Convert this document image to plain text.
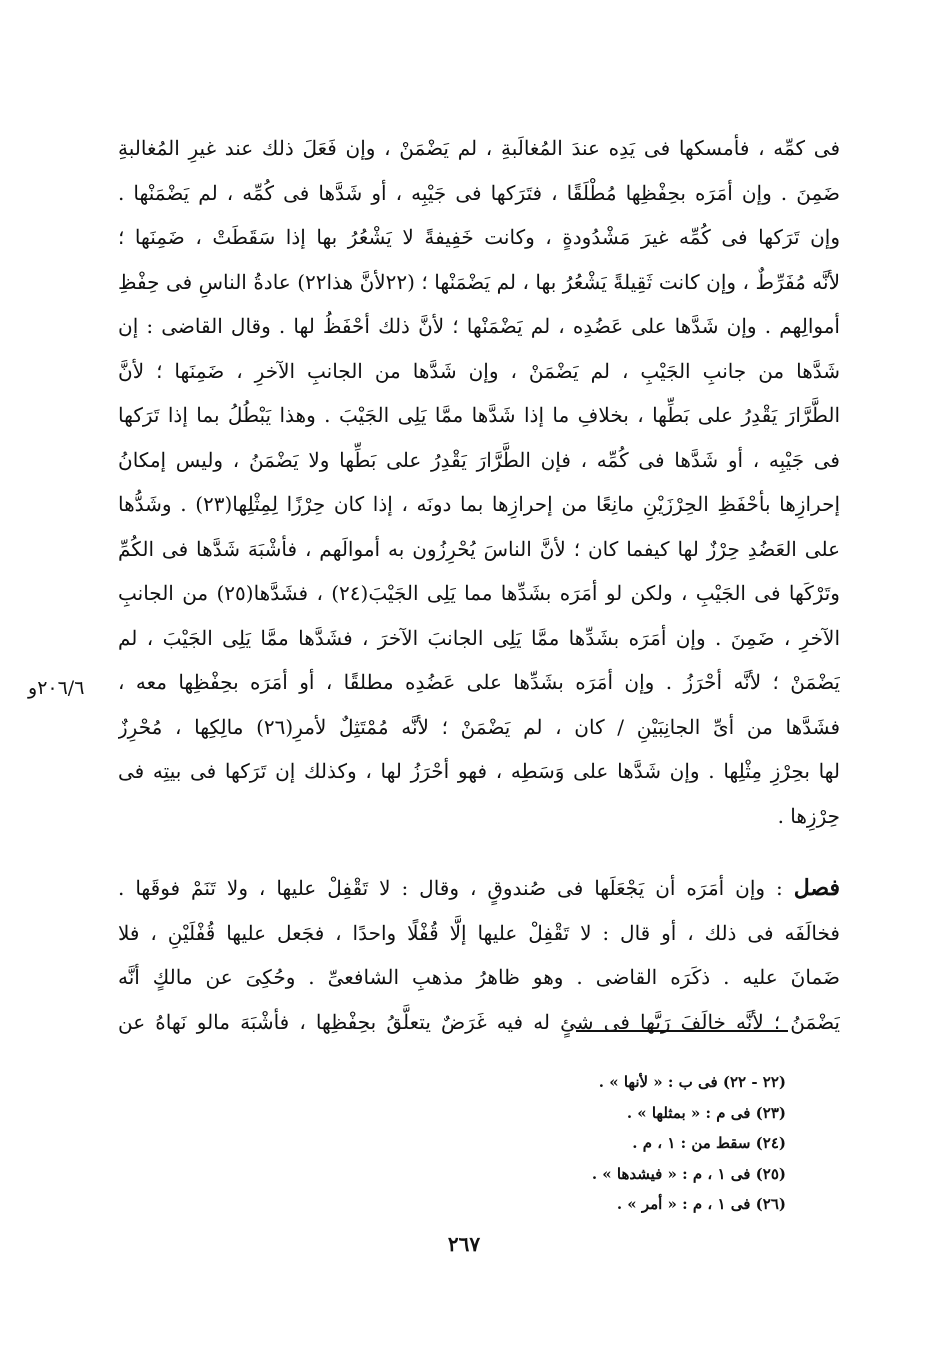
فى كمِّه ، فأمسكها فى يَدِه عندَ المُغالَبةِ ، لم يَضْمَنْ ، وإن فَعَلَ ذلك عند غيرِ المُغالبةِ
ضَمِنَ . وإن أمَرَه بحِفْظِها مُطْلَقًا ، فتَرَكها فى جَيْبِه ، أو شَدَّها فى كُمِّه ، لم يَضْمَنْها .
وإن تَرَكها فى كُمِّه غيرَ مَشْدُودةٍ ، وكانت خَفِيفةً لا يَشْعُرُ بها إذا سَقَطَتْ ، ضَمِنَها ؛
لأنَّه مُفَرِّطٌ ، وإن كانت ثَقِيلةً يَشْعُرُ بها ، لم يَضْمَنْها ؛ (٢٢لأنَّ هذا٢٢) عادةُ الناسِ فى حِفْظِ
أموالِهم . وإن شَدَّها على عَضُدِه ، لم يَضْمَنْها ؛ لأنَّ ذلك أحْفَظُ لها . وقال القاضى : إن
شَدَّها من جانبِ الجَيْبِ ، لم يَضْمَنْ ، وإن شَدَّها من الجانبِ الآخرِ ، ضَمِنَها ؛ لأنَّ
الطَّرَّارَ يَقْدِرُ على بَطِّها ، بخلافِ ما إذا شَدَّها ممَّا يَلِى الجَيْبَ . وهذا يَبْطُلُ بما إذا تَرَكها
فى جَيْبِه ، أو شَدَّها فى كُمِّه ، فإن الطَّرَّارَ يَقْدِرُ على بَطِّها ولا يَضْمَنُ ، وليس إمكانُ
إحرازِها بأحْفَظِ الحِرْزَيْنِ مانِعًا من إحرازِها بما دونَه ، إذا كان حِرْزًا لِمِثْلِها(٢٣) . وشَدُّها
على العَضُدِ حِرْزٌ لها كيفما كان ؛ لأنَّ الناسَ يُحْرِزُون به أموالَهم ، فأشْبَهَ شَدَّها فى الكُمِّ
وتَرْكَها فى الجَيْبِ ، ولكن لو أمَرَه بشَدِّها مما يَلِى الجَيْبَ(٢٤) ، فشَدَّها(٢٥) من الجانبِ
الآخرِ ، ضَمِنَ . وإن أمَرَه بشَدِّها ممَّا يَلِى الجانبَ الآخرَ ، فشَدَّها ممَّا يَلِى الجَيْبَ ، لم
يَضْمَنْ ؛ لأنَّه أحْرَزُ . وإن أمَرَه بشَدِّها على عَضُدِه مطلقًا ، أو أمَرَه بحِفْظِها معه ،
فشَدَّها من أىِّ الجانِبَيْنِ / كان ، لم يَضْمَنْ ؛ لأنَّه مُمْتَثِلٌ لأمرِ(٢٦) مالِكِها ، مُحْرِزٌ
لها بحِرْزِ مِثْلِها . وإن شَدَّها على وَسَطِه ، فهو أحْرَزُ لها ، وكذلك إن تَرَكها فى بيتِه فى
حِرْزِها .
فصل : وإن أمَرَه أن يَجْعَلَها فى صُندوقٍ ، وقال : لا تَقْفِلْ عليها ، ولا تَنَمْ فوقَها .
فخالَفَه فى ذلك ، أو قال : لا تَقْفِلْ عليها إلَّا قُفْلًا واحدًا ، فجَعل عليها قُفْلَيْنِ ، فلا
ضَمانَ عليه . ذكَرَه القاضى . وهو ظاهرُ مذهبِ الشافعىِّ . وحُكِىَ عن مالكٍ أنَّه
يَضْمَنُ ؛ لأنَّه خالَفَ رَبَّها فى شئٍ له فيه غَرَضٌ يتعلَّقُ بحِفْظِها ، فأشْبَهَ مالو نَهاهُ عن
٢٠٦/٦و
(٢٢ - ٢٢) فى ب : « لأنها » .
(٢٣) فى م : « بمثلها » .
(٢٤) سقط من : ١ ، م .
(٢٥) فى ١ ، م : « فيشدها » .
(٢٦) فى ١ ، م : « أمر » .
٢٦٧
